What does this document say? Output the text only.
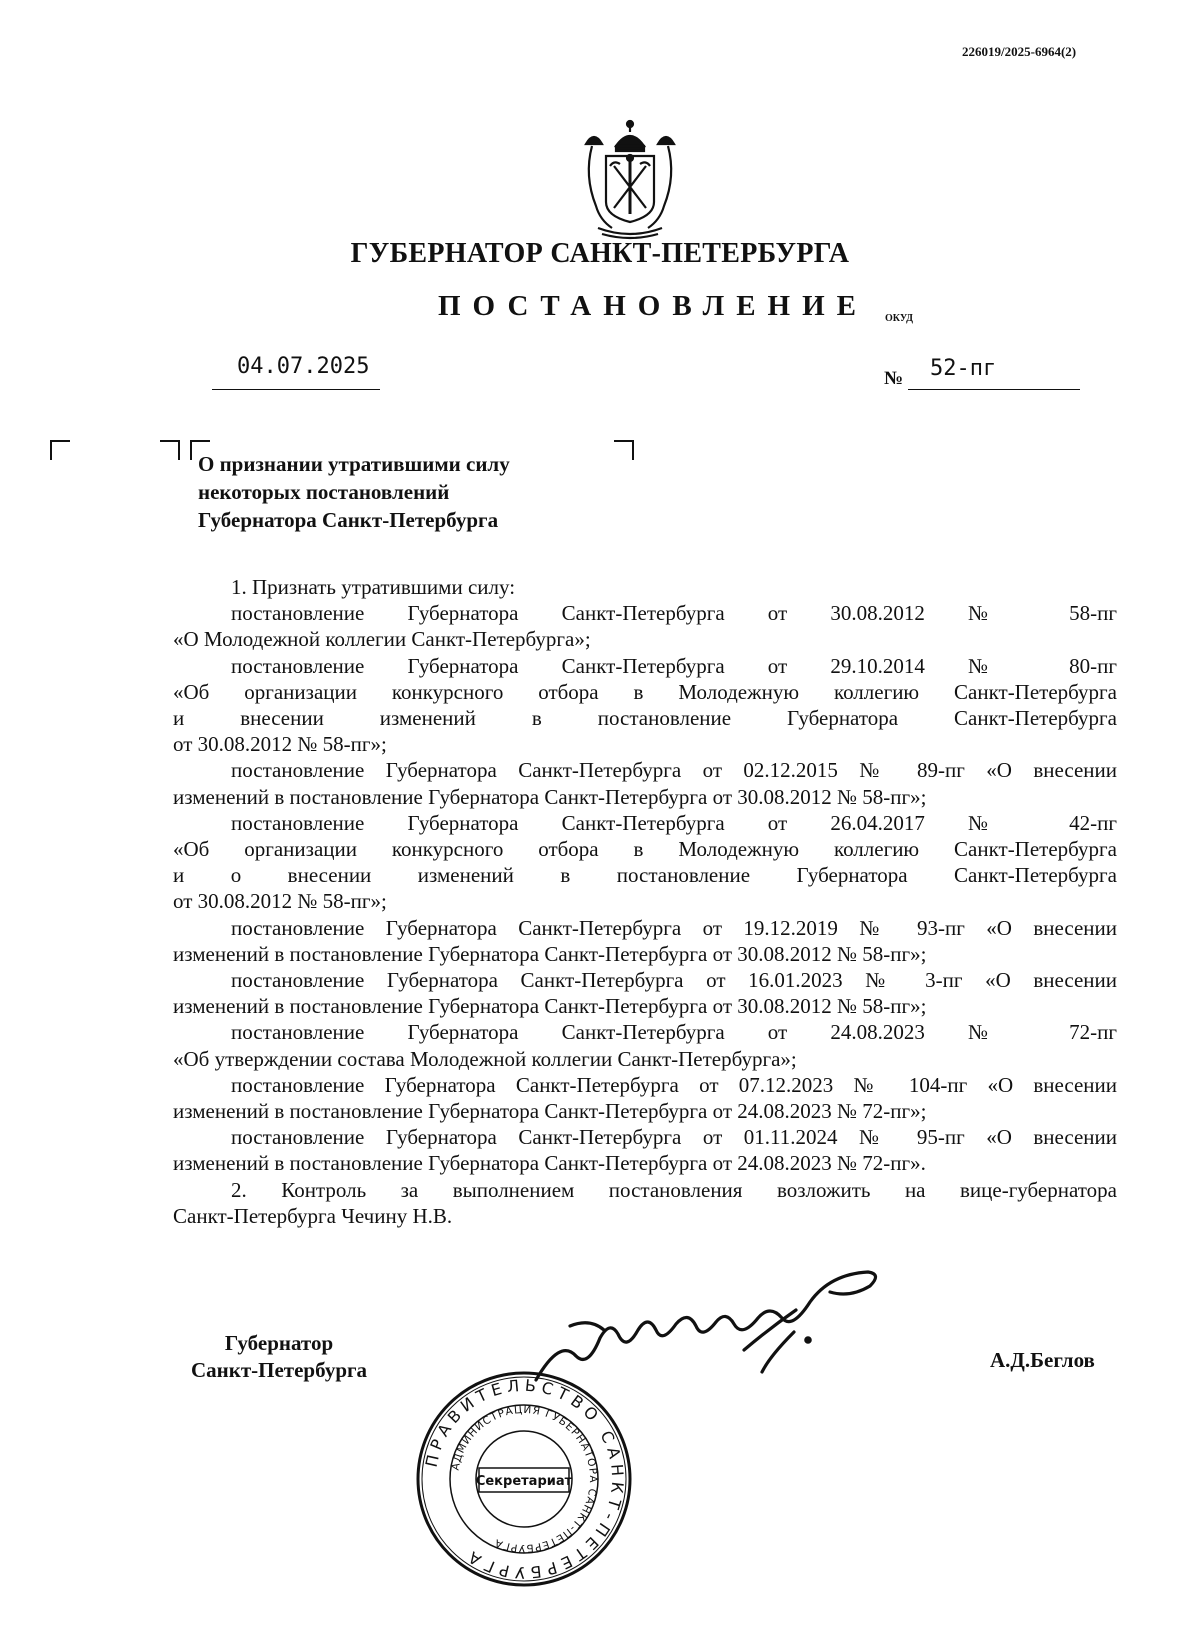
226019/2025-6964(2)
ГУБЕРНАТОР САНКТ-ПЕТЕРБУРГА
ПОСТАНОВЛЕНИЕ ОКУД
04.07.2025	№ 52-пг
О признании утратившими силу
некоторых постановлений
Губернатора Санкт-Петербурга

1. Признать утратившими силу:

постановление Губернатора Санкт-Петербурга от 30.08.2012 № 58-пг

«О Молодежной коллегии Санкт-Петербурга»;

постановление Губернатора Санкт-Петербурга от 29.10.2014 № 80-пг

«Об организации конкурсного отбора в Молодежную коллегию Санкт-Петербурга

и внесении изменений в постановление Губернатора Санкт-Петербурга

от 30.08.2012 № 58-пг»;

постановление Губернатора Санкт-Петербурга от 02.12.2015 № 89-пг «О внесении

изменений в постановление Губернатора Санкт-Петербурга от 30.08.2012 № 58-пг»;

постановление Губернатора Санкт-Петербурга от 26.04.2017 № 42-пг

«Об организации конкурсного отбора в Молодежную коллегию Санкт-Петербурга

и о внесении изменений в постановление Губернатора Санкт-Петербурга

от 30.08.2012 № 58-пг»;

постановление Губернатора Санкт-Петербурга от 19.12.2019 № 93-пг «О внесении

изменений в постановление Губернатора Санкт-Петербурга от 30.08.2012 № 58-пг»;

постановление Губернатора Санкт-Петербурга от 16.01.2023 № 3-пг «О внесении

изменений в постановление Губернатора Санкт-Петербурга от 30.08.2012 № 58-пг»;

постановление Губернатора Санкт-Петербурга от 24.08.2023 № 72-пг

«Об утверждении состава Молодежной коллегии Санкт-Петербурга»;

постановление Губернатора Санкт-Петербурга от 07.12.2023 № 104-пг «О внесении

изменений в постановление Губернатора Санкт-Петербурга от 24.08.2023 № 72-пг»;

постановление Губернатора Санкт-Петербурга от 01.11.2024 № 95-пг «О внесении

изменений в постановление Губернатора Санкт-Петербурга от 24.08.2023 № 72-пг».

2. Контроль за выполнением постановления возложить на вице-губернатора

Санкт-Петербурга Чечину Н.В.

Губернатор
Санкт-Петербурга	А.Д.Беглов
ПРАВИТЕЛЬСТВО САНКТ-ПЕТЕРБУРГА
АДМИНИСТРАЦИЯ ГУБЕРНАТОРА САНКТ-ПЕТЕРБУРГА
Секретариат
